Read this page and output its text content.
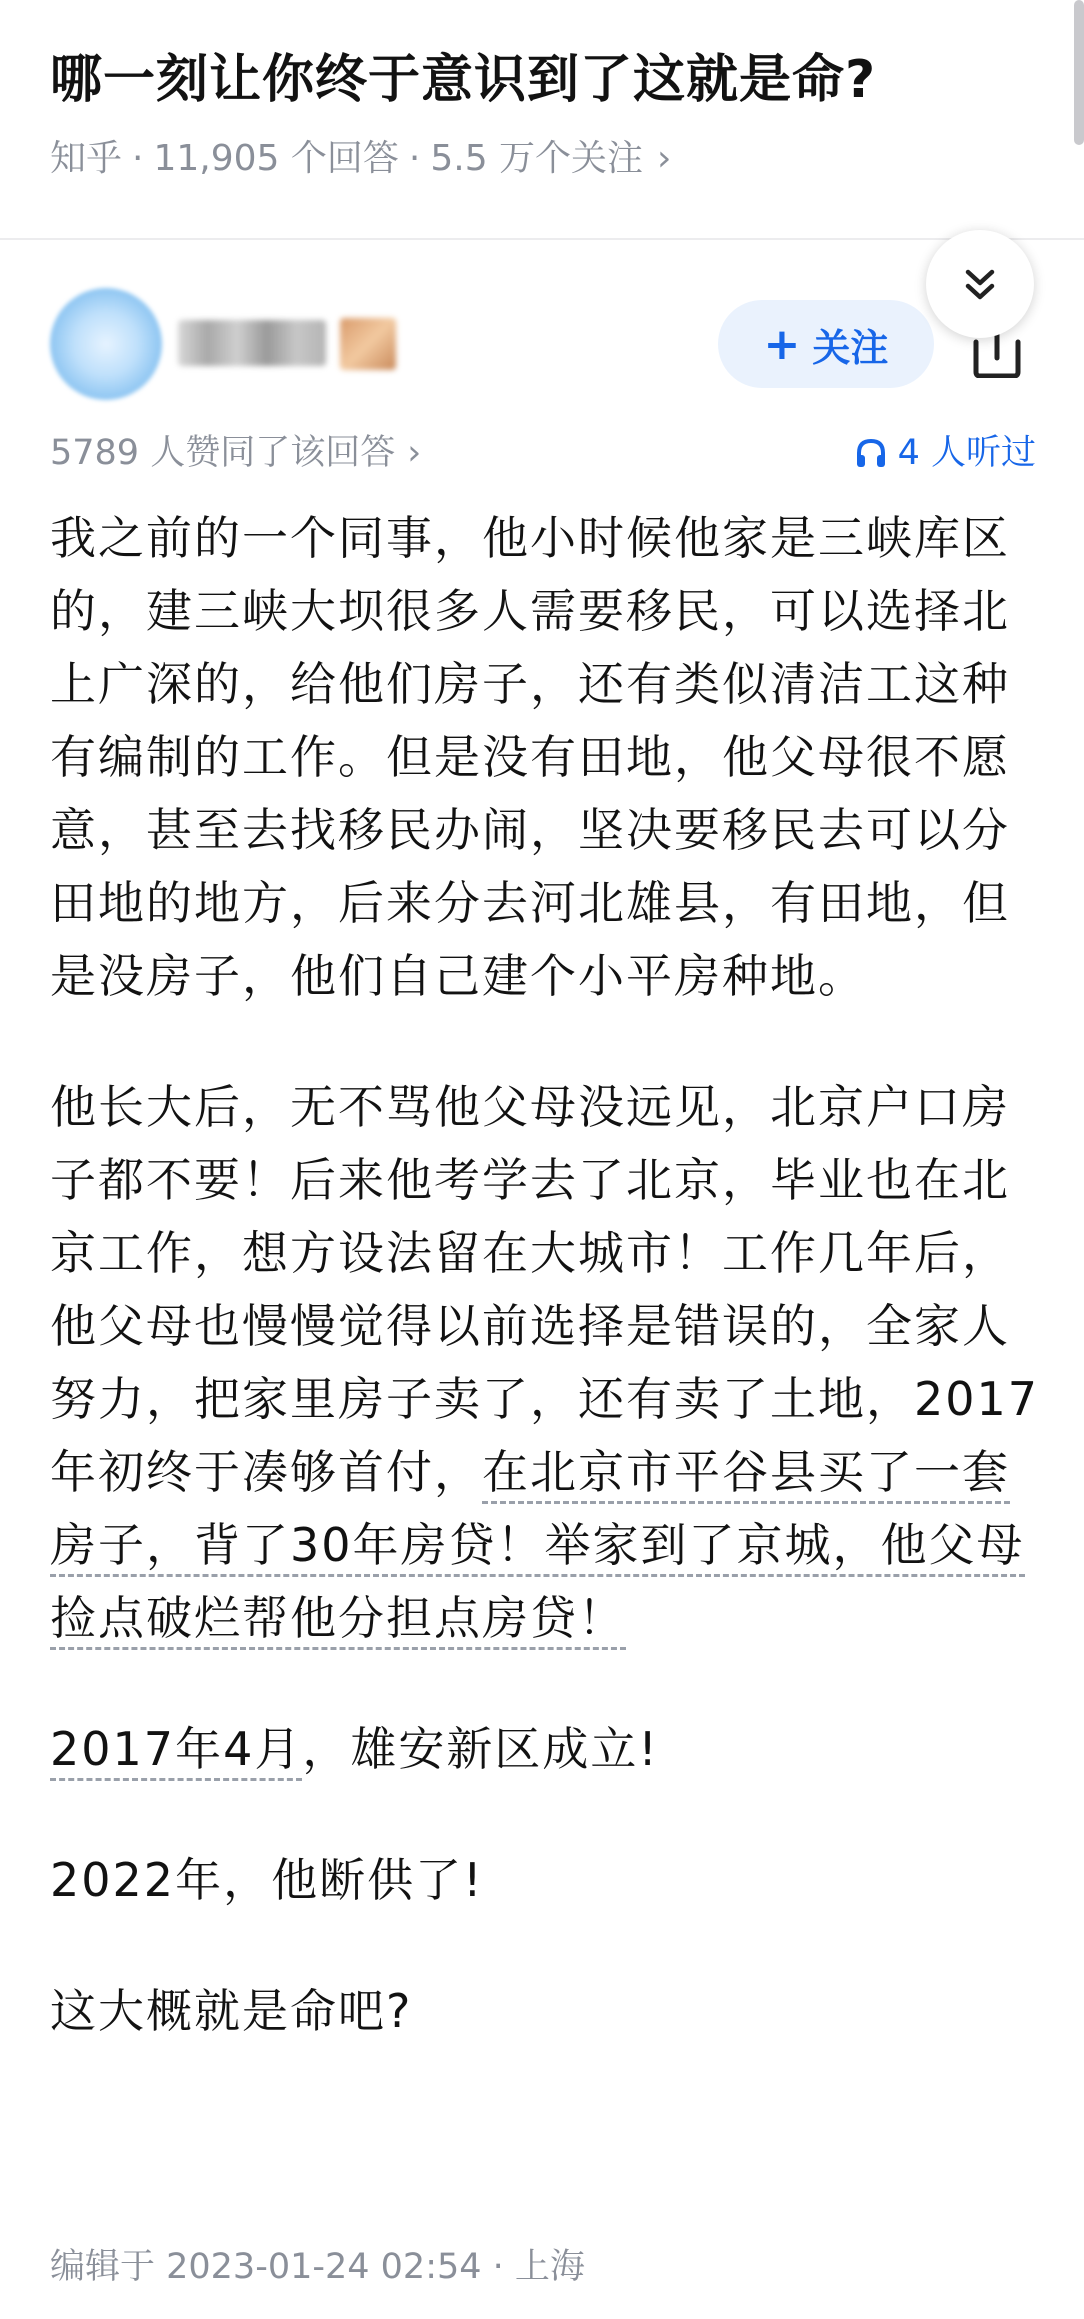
哪一刻让你终于意识到了这就是命?
知乎 · 11,905 个回答 · 5.5 万个关注 ›
+ 关注
5789 人赞同了该回答 ›	4 人听过

我之前的一个同事，他小时候他家是三峡库区的，建三峡大坝很多人需要移民，可以选择北上广深的，给他们房子，还有类似清洁工这种有编制的工作。但是没有田地，他父母很不愿意，甚至去找移民办闹，坚决要移民去可以分田地的地方，后来分去河北雄县，有田地，但是没房子，他们自己建个小平房种地。

他长大后，无不骂他父母没远见，北京户口房子都不要！后来他考学去了北京，毕业也在北京工作，想方设法留在大城市！工作几年后，他父母也慢慢觉得以前选择是错误的，全家人努力，把家里房子卖了，还有卖了土地，2017年初终于凑够首付，在北京市平谷县买了一套房子，背了30年房贷！举家到了京城，他父母捡点破烂帮他分担点房贷！

2017年4月，雄安新区成立!

2022年，他断供了!

这大概就是命吧?

编辑于 2023-01-24 02:54 · 上海
